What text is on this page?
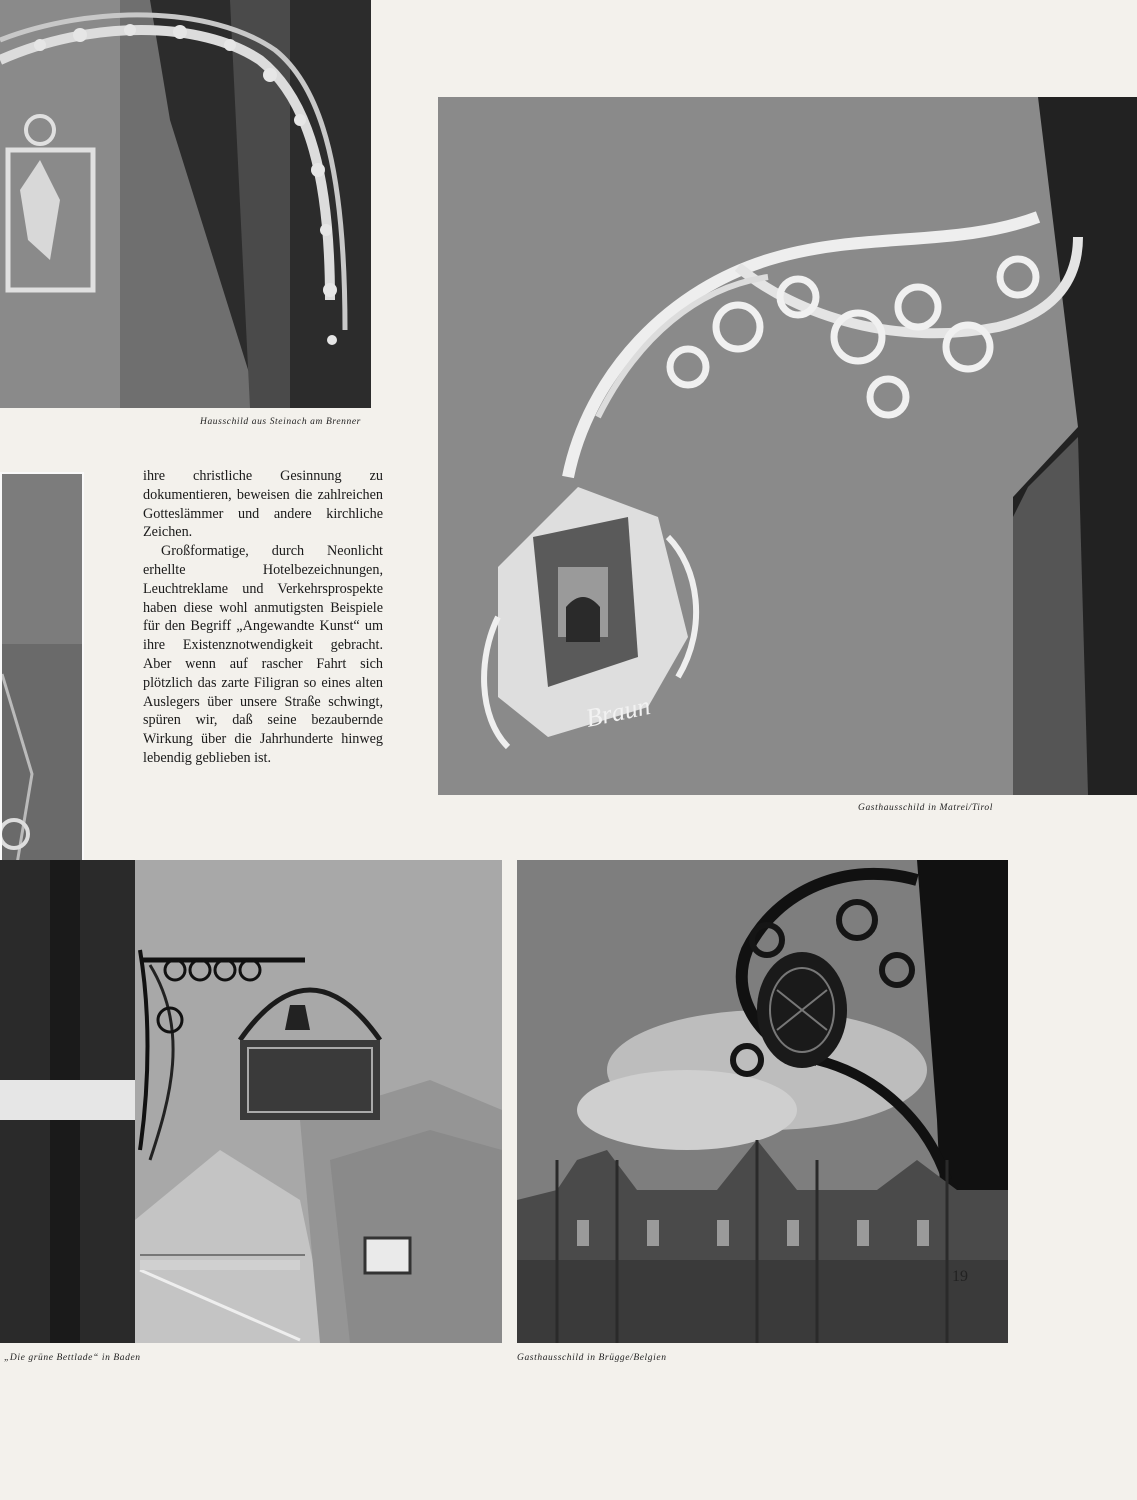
Hausschild aus Steinach am Brenner
Braun
Gasthausschild in Matrei/Tirol

ihre christliche Gesinnung zu dokumentieren, beweisen die zahlreichen Gotteslämmer und andere kirchliche Zeichen.

Großformatige, durch Neonlicht erhellte Hotelbezeichnungen, Leuchtreklame und Verkehrsprospekte haben diese wohl anmutigsten Beispiele für den Begriff „Angewandte Kunst“ um ihre Existenznotwendigkeit gebracht. Aber wenn auf rascher Fahrt sich plötzlich das zarte Filigran so eines alten Auslegers über unsere Straße schwingt, spüren wir, daß seine bezaubernde Wirkung über die Jahrhunderte hinweg lebendig geblieben ist.

„Die grüne Bettlade“ in Baden	Gasthausschild in Brügge/Belgien
19
